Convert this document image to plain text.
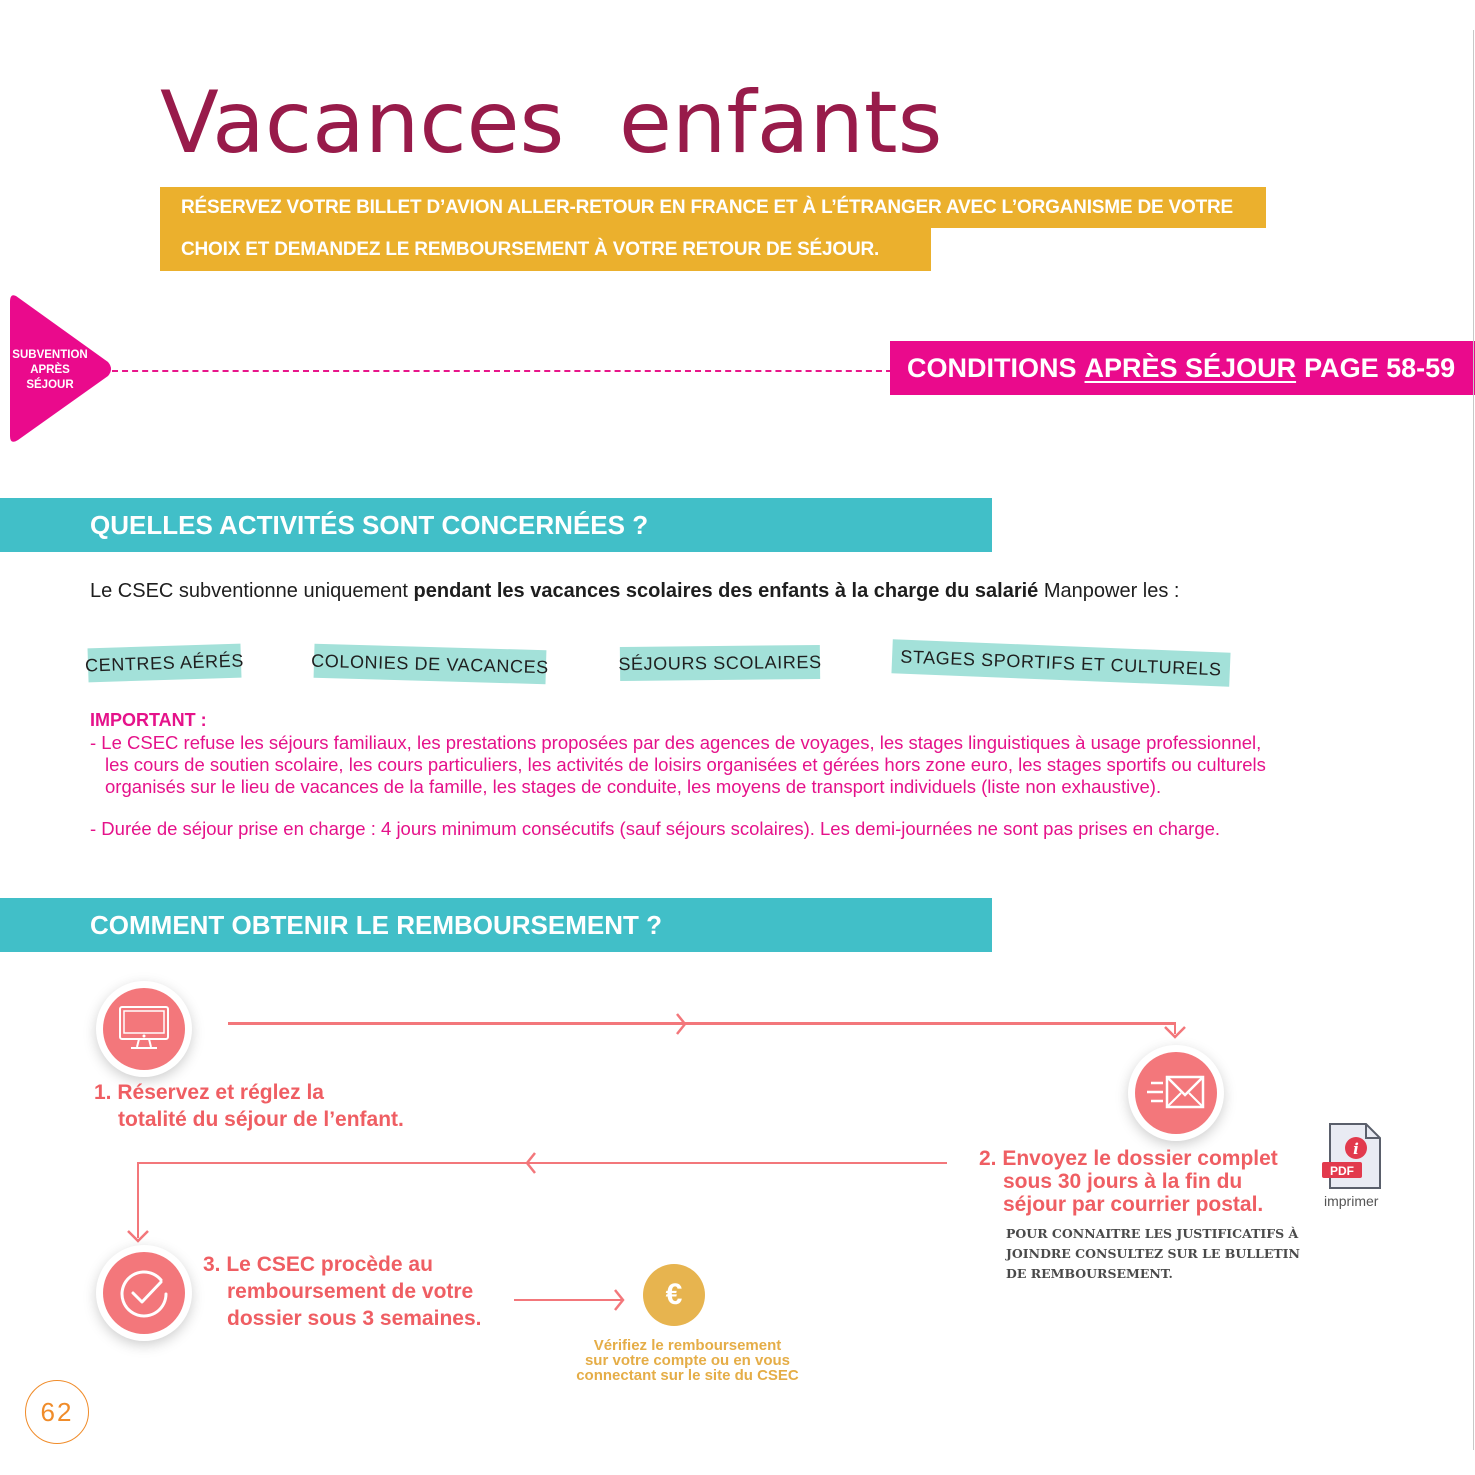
Vacances  enfants
RÉSERVEZ VOTRE BILLET D’AVION ALLER-RETOUR EN FRANCE ET À L’ÉTRANGER AVEC L’ORGANISME DE VOTRE
CHOIX ET DEMANDEZ LE REMBOURSEMENT À VOTRE RETOUR DE SÉJOUR.
SUBVENTION
APRÈS
SÉJOUR
CONDITIONS APRÈS SÉJOUR PAGE 58-59
QUELLES ACTIVITÉS SONT CONCERNÉES ?
Le CSEC subventionne uniquement pendant les vacances scolaires des enfants à la charge du salarié Manpower les :
CENTRES AÉRÉS	COLONIES DE VACANCES	SÉJOURS SCOLAIRES	STAGES SPORTIFS ET CULTURELS
IMPORTANT :
- Le CSEC refuse les séjours familiaux, les prestations proposées par des agences de voyages, les stages linguistiques à usage professionnel,
les cours de soutien scolaire, les cours particuliers, les activités de loisirs organisées et gérées hors zone euro, les stages sportifs ou culturels
organisés sur le lieu de vacances de la famille, les stages de conduite, les moyens de transport individuels (liste non exhaustive).
- Durée de séjour prise en charge : 4 jours minimum consécutifs (sauf séjours scolaires). Les demi-journées ne sont pas prises en charge.
COMMENT OBTENIR LE REMBOURSEMENT ?
1. Réservez et réglez la
totalité du séjour de l’enfant.
2. Envoyez le dossier complet
sous 30 jours à la fin du
séjour par courrier postal.
POUR CONNAITRE LES JUSTIFICATIFS À
JOINDRE CONSULTEZ SUR LE BULLETIN
DE REMBOURSEMENT.
i
PDF
imprimer
3. Le CSEC procède au
remboursement de votre
dossier sous 3 semaines.
€
Vérifiez le remboursement
sur votre compte ou en vous
connectant sur le site du CSEC
62
